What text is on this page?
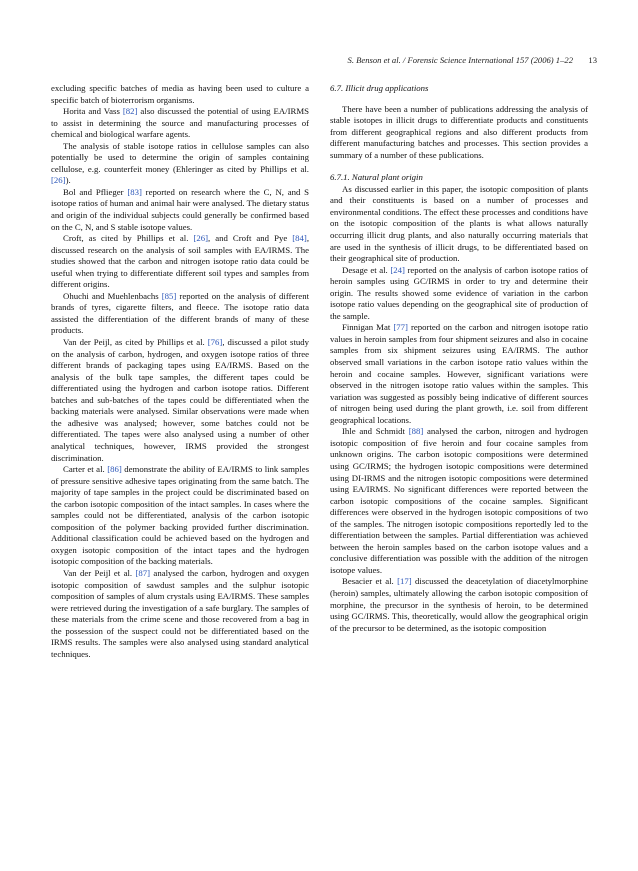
S. Benson et al. / Forensic Science International 157 (2006) 1–22	13

excluding specific batches of media as having been used to culture a specific batch of bioterrorism organisms.

Horita and Vass [82] also discussed the potential of using EA/IRMS to assist in determining the source and manufacturing processes of chemical and biological warfare agents.

The analysis of stable isotope ratios in cellulose samples can also potentially be used to determine the origin of samples containing cellulose, e.g. counterfeit money (Ehleringer as cited by Phillips et al. [26]).

Bol and Pflieger [83] reported on research where the C, N, and S isotope ratios of human and animal hair were analysed. The dietary status and origin of the individual subjects could generally be confirmed based on the C, N, and S stable isotope values.

Croft, as cited by Phillips et al. [26], and Croft and Pye [84], discussed research on the analysis of soil samples with EA/IRMS. The studies showed that the carbon and nitrogen isotope ratio data could be useful when trying to differentiate different soil types and samples from different origins.

Ohuchi and Muehlenbachs [85] reported on the analysis of different brands of tyres, cigarette filters, and fleece. The isotope ratio data assisted the differentiation of the different brands of many of these products.

Van der Peijl, as cited by Phillips et al. [76], discussed a pilot study on the analysis of carbon, hydrogen, and oxygen isotope ratios of three different brands of packaging tapes using EA/IRMS. Based on the analysis of the bulk tape samples, the different tapes could be differentiated using the hydrogen and carbon isotope ratios. Different batches and sub-batches of the tapes could be differentiated when the backing materials were analysed. Similar observations were made when the adhesive was analysed; however, some batches could not be differentiated. The tapes were also analysed using a number of other analytical techniques, however, IRMS provided the strongest discrimination.

Carter et al. [86] demonstrate the ability of EA/IRMS to link samples of pressure sensitive adhesive tapes originating from the same batch. The majority of tape samples in the project could be discriminated based on the carbon isotopic composition of the intact samples. In cases where the samples could not be differentiated, analysis of the carbon isotopic composition of the polymer backing provided further discrimination. Additional classification could be achieved based on the hydrogen and oxygen isotopic composition of the intact tapes and the hydrogen isotopic composition of the backing materials.

Van der Peijl et al. [87] analysed the carbon, hydrogen and oxygen isotopic composition of sawdust samples and the sulphur isotopic composition of samples of alum crystals using EA/IRMS. These samples were retrieved during the investigation of a safe burglary. The samples of these materials from the crime scene and those recovered from a bag in the possession of the suspect could not be differentiated based on the IRMS results. The samples were also analysed using standard analytical techniques.

6.7. Illicit drug applications

There have been a number of publications addressing the analysis of stable isotopes in illicit drugs to differentiate products and constituents from different geographical regions and also different products from different manufacturing batches and processes. This section provides a summary of a number of these publications.

6.7.1. Natural plant origin

As discussed earlier in this paper, the isotopic composition of plants and their constituents is based on a number of processes and environmental conditions. The effect these processes and conditions have on the isotopic composition of the plants is what allows naturally occurring illicit drug plants, and also naturally occurring materials that are used in the synthesis of illicit drugs, to be differentiated based on their geographical site of production.

Desage et al. [24] reported on the analysis of carbon isotope ratios of heroin samples using GC/IRMS in order to try and determine their origin. The results showed some evidence of variation in the carbon isotope ratio values depending on the geographical site of production of the sample.

Finnigan Mat [77] reported on the carbon and nitrogen isotope ratio values in heroin samples from four shipment seizures and also in cocaine samples from six shipment seizures using EA/IRMS. The author observed small variations in the carbon isotope ratio values within the heroin and cocaine samples. However, significant variations were observed in the nitrogen isotope ratio values within the samples. This variation was suggested as possibly being indicative of different sources of nitrogen being used during the plant growth, i.e. soil from different geographical locations.

Ihle and Schmidt [88] analysed the carbon, nitrogen and hydrogen isotopic composition of five heroin and four cocaine samples from unknown origins. The carbon isotopic compositions were determined using GC/IRMS; the hydrogen isotopic compositions were determined using DI-IRMS and the nitrogen isotopic compositions were determined using EA/IRMS. No significant differences were reported between the carbon isotopic compositions of the cocaine samples. Significant differences were observed in the hydrogen isotopic compositions of two of the samples. The nitrogen isotopic compositions reportedly led to the differentiation between the samples. Partial differentiation was achieved between the heroin samples based on the carbon isotope values and a conclusive differentiation was possible with the addition of the nitrogen isotope values.

Besacier et al. [17] discussed the deacetylation of diacetylmorphine (heroin) samples, ultimately allowing the carbon isotopic composition of morphine, the precursor in the synthesis of heroin, to be determined using GC/IRMS. This, theoretically, would allow the geographical origin of the precursor to be determined, as the isotopic composition
